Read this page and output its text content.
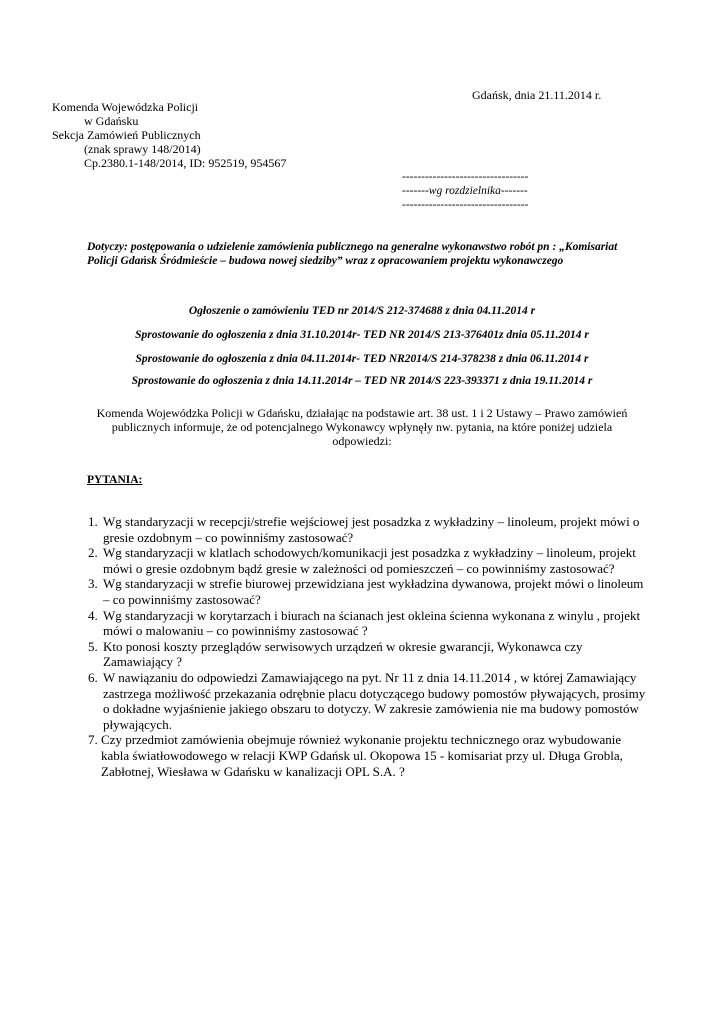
Gdańsk, dnia 21.11.2014 r.
Komenda Wojewódzka Policji
w Gdańsku
Sekcja Zamówień Publicznych
(znak sprawy 148/2014)
Cp.2380.1-148/2014, ID: 952519, 954567
---------------------------------
-------wg rozdzielnika-------
---------------------------------
Dotyczy: postępowania o udzielenie zamówienia publicznego na generalne wykonawstwo robót pn : „Komisariat Policji Gdańsk Śródmieście – budowa nowej siedziby” wraz z opracowaniem projektu wykonawczego
Ogłoszenie o zamówieniu TED nr 2014/S 212-374688 z dnia 04.11.2014 r
Sprostowanie do ogłoszenia z dnia 31.10.2014r- TED NR 2014/S 213-376401z dnia 05.11.2014 r
Sprostowanie do ogłoszenia z dnia 04.11.2014r- TED NR2014/S 214-378238 z dnia 06.11.2014 r
Sprostowanie do ogłoszenia z dnia 14.11.2014r – TED NR 2014/S 223-393371 z dnia 19.11.2014 r
Komenda Wojewódzka Policji w Gdańsku, działając na podstawie art. 38 ust. 1 i 2 Ustawy – Prawo zamówień publicznych informuje, że od potencjalnego Wykonawcy wpłynęły nw. pytania, na które poniżej udziela odpowiedzi:
PYTANIA:
1. Wg standaryzacji w recepcji/strefie wejściowej jest posadzka z wykładziny – linoleum, projekt mówi o gresie ozdobnym – co powinniśmy zastosować?
2. Wg standaryzacji w klatlach schodowych/komunikacji jest posadzka z wykładziny – linoleum, projekt mówi o gresie ozdobnym bądź gresie w zależności od pomieszczeń – co powinniśmy zastosować?
3. Wg standaryzacji w strefie biurowej przewidziana jest wykładzina dywanowa, projekt mówi o linoleum – co powinniśmy zastosować?
4. Wg standaryzacji w korytarzach i biurach na ścianach jest okleina ścienna wykonana z winylu , projekt mówi o malowaniu – co powinniśmy zastosować ?
5. Kto ponosi koszty przeglądów serwisowych urządzeń w okresie gwarancji, Wykonawca czy Zamawiający ?
6. W nawiązaniu do odpowiedzi Zamawiającego na pyt. Nr 11 z dnia 14.11.2014 , w której Zamawiający zastrzega możliwość przekazania odrębnie placu dotyczącego budowy pomostów pływających, prosimy o dokładne wyjaśnienie jakiego obszaru to dotyczy. W zakresie zamówienia nie ma budowy pomostów pływających.
7. Czy przedmiot zamówienia obejmuje również wykonanie projektu technicznego oraz wybudowanie kabla światłowodowego w relacji KWP Gdańsk ul. Okopowa 15 - komisariat przy ul. Długa Grobla, Zabłotnej, Wiesława w Gdańsku w kanalizacji OPL S.A. ?
